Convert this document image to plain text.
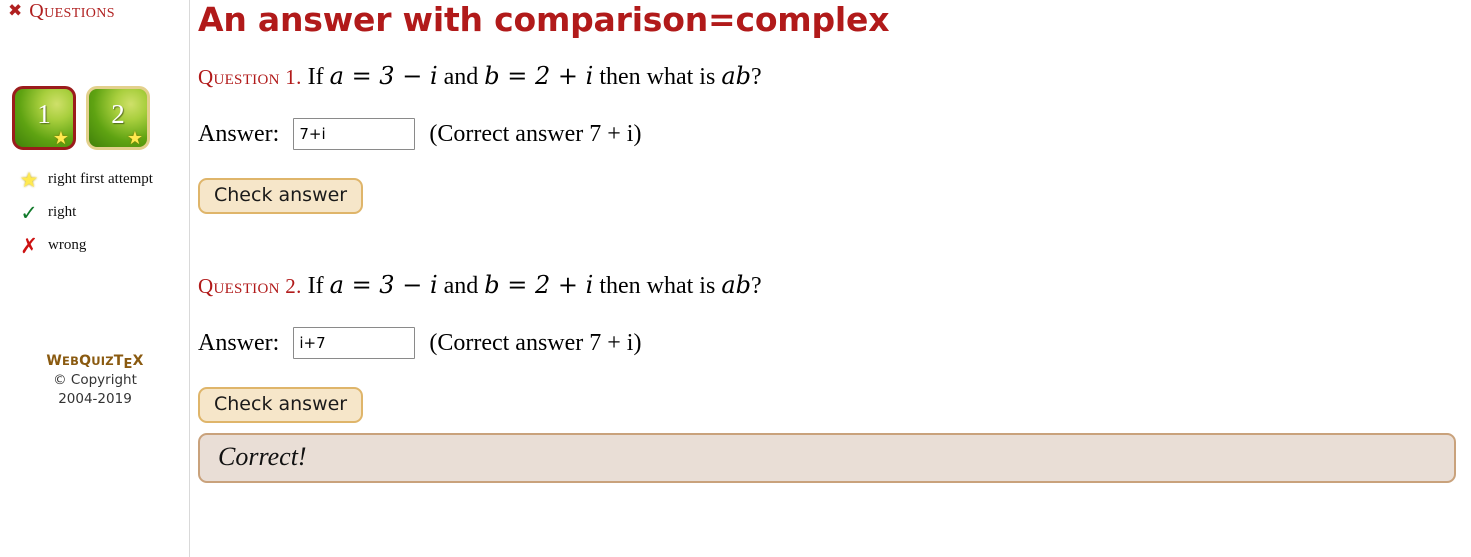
✖ Questions
1
★
2
★
★ right first attempt
✓ right
✗ wrong
WEBQUIZTEX
© Copyright
2004-2019
An answer with comparison=complex
Question 1. If a = 3 − i and b = 2 + i then what is ab?
Answer:
7+i	(Correct answer 7 + i)
Check answer
Question 2. If a = 3 − i and b = 2 + i then what is ab?
Answer:
i+7	(Correct answer 7 + i)
Check answer
Correct!
